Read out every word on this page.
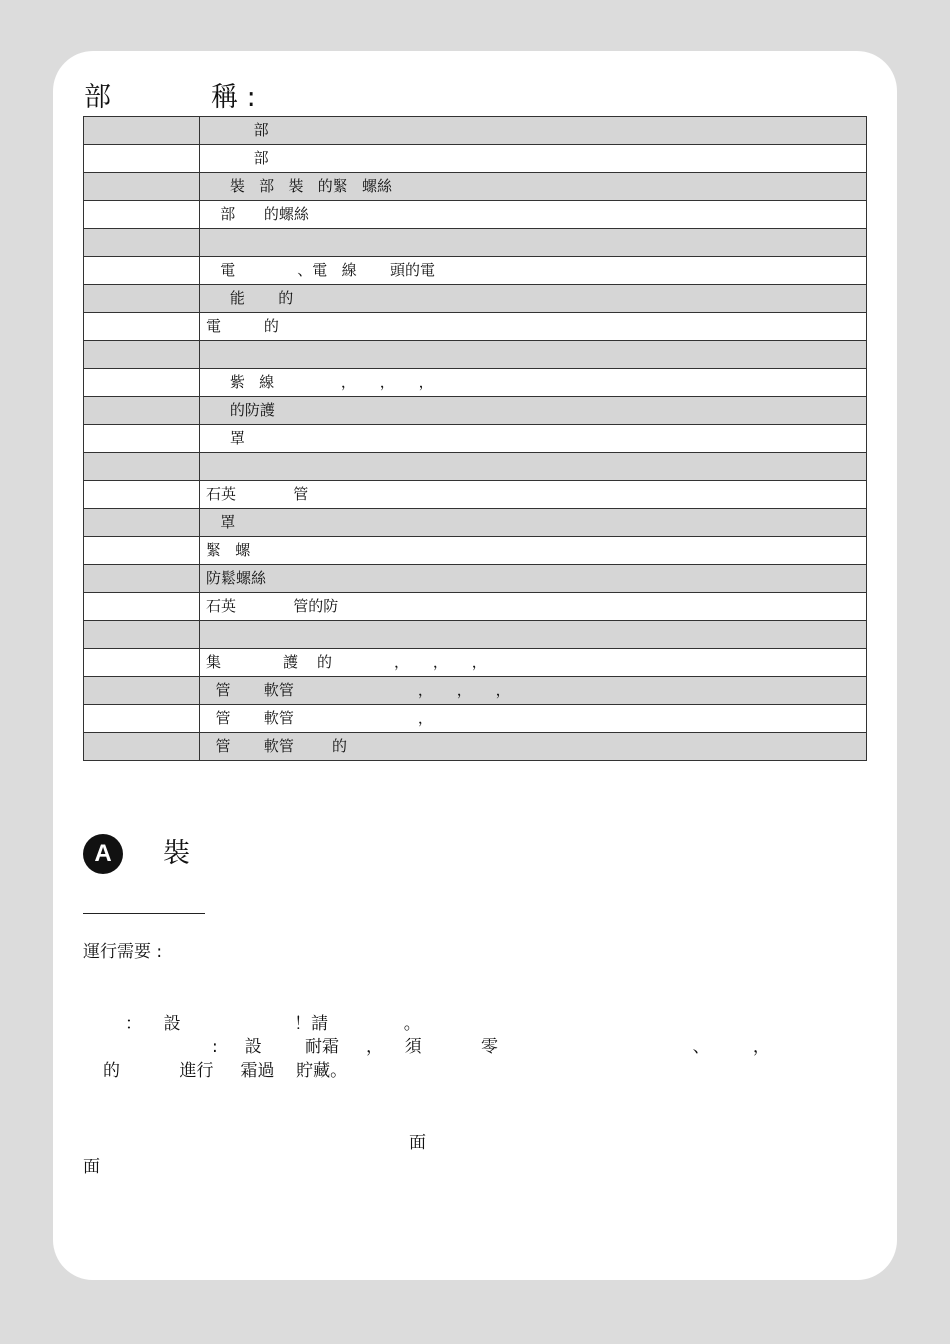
部	稱 :
	部
	部
	裝   部   裝   的緊   螺絲
	部      的螺絲

	電             、電   線       頭的電
	能       的
	電         的

	紫   線              ，     ，     ，
	的防護
	罩

	石英            管
	罩
	緊   螺
	防鬆螺絲
	石英            管的防

	集             護    的             ，     ，     ，
	管       軟管                          ，     ，     ，
	管       軟管                          ，
	管       軟管        的
A	裝
運行需要 :
：    設                     ！請              。
:     設        耐霜     ，    須           零                                    、        ，
的           進行     霜過    貯藏。
面
面
